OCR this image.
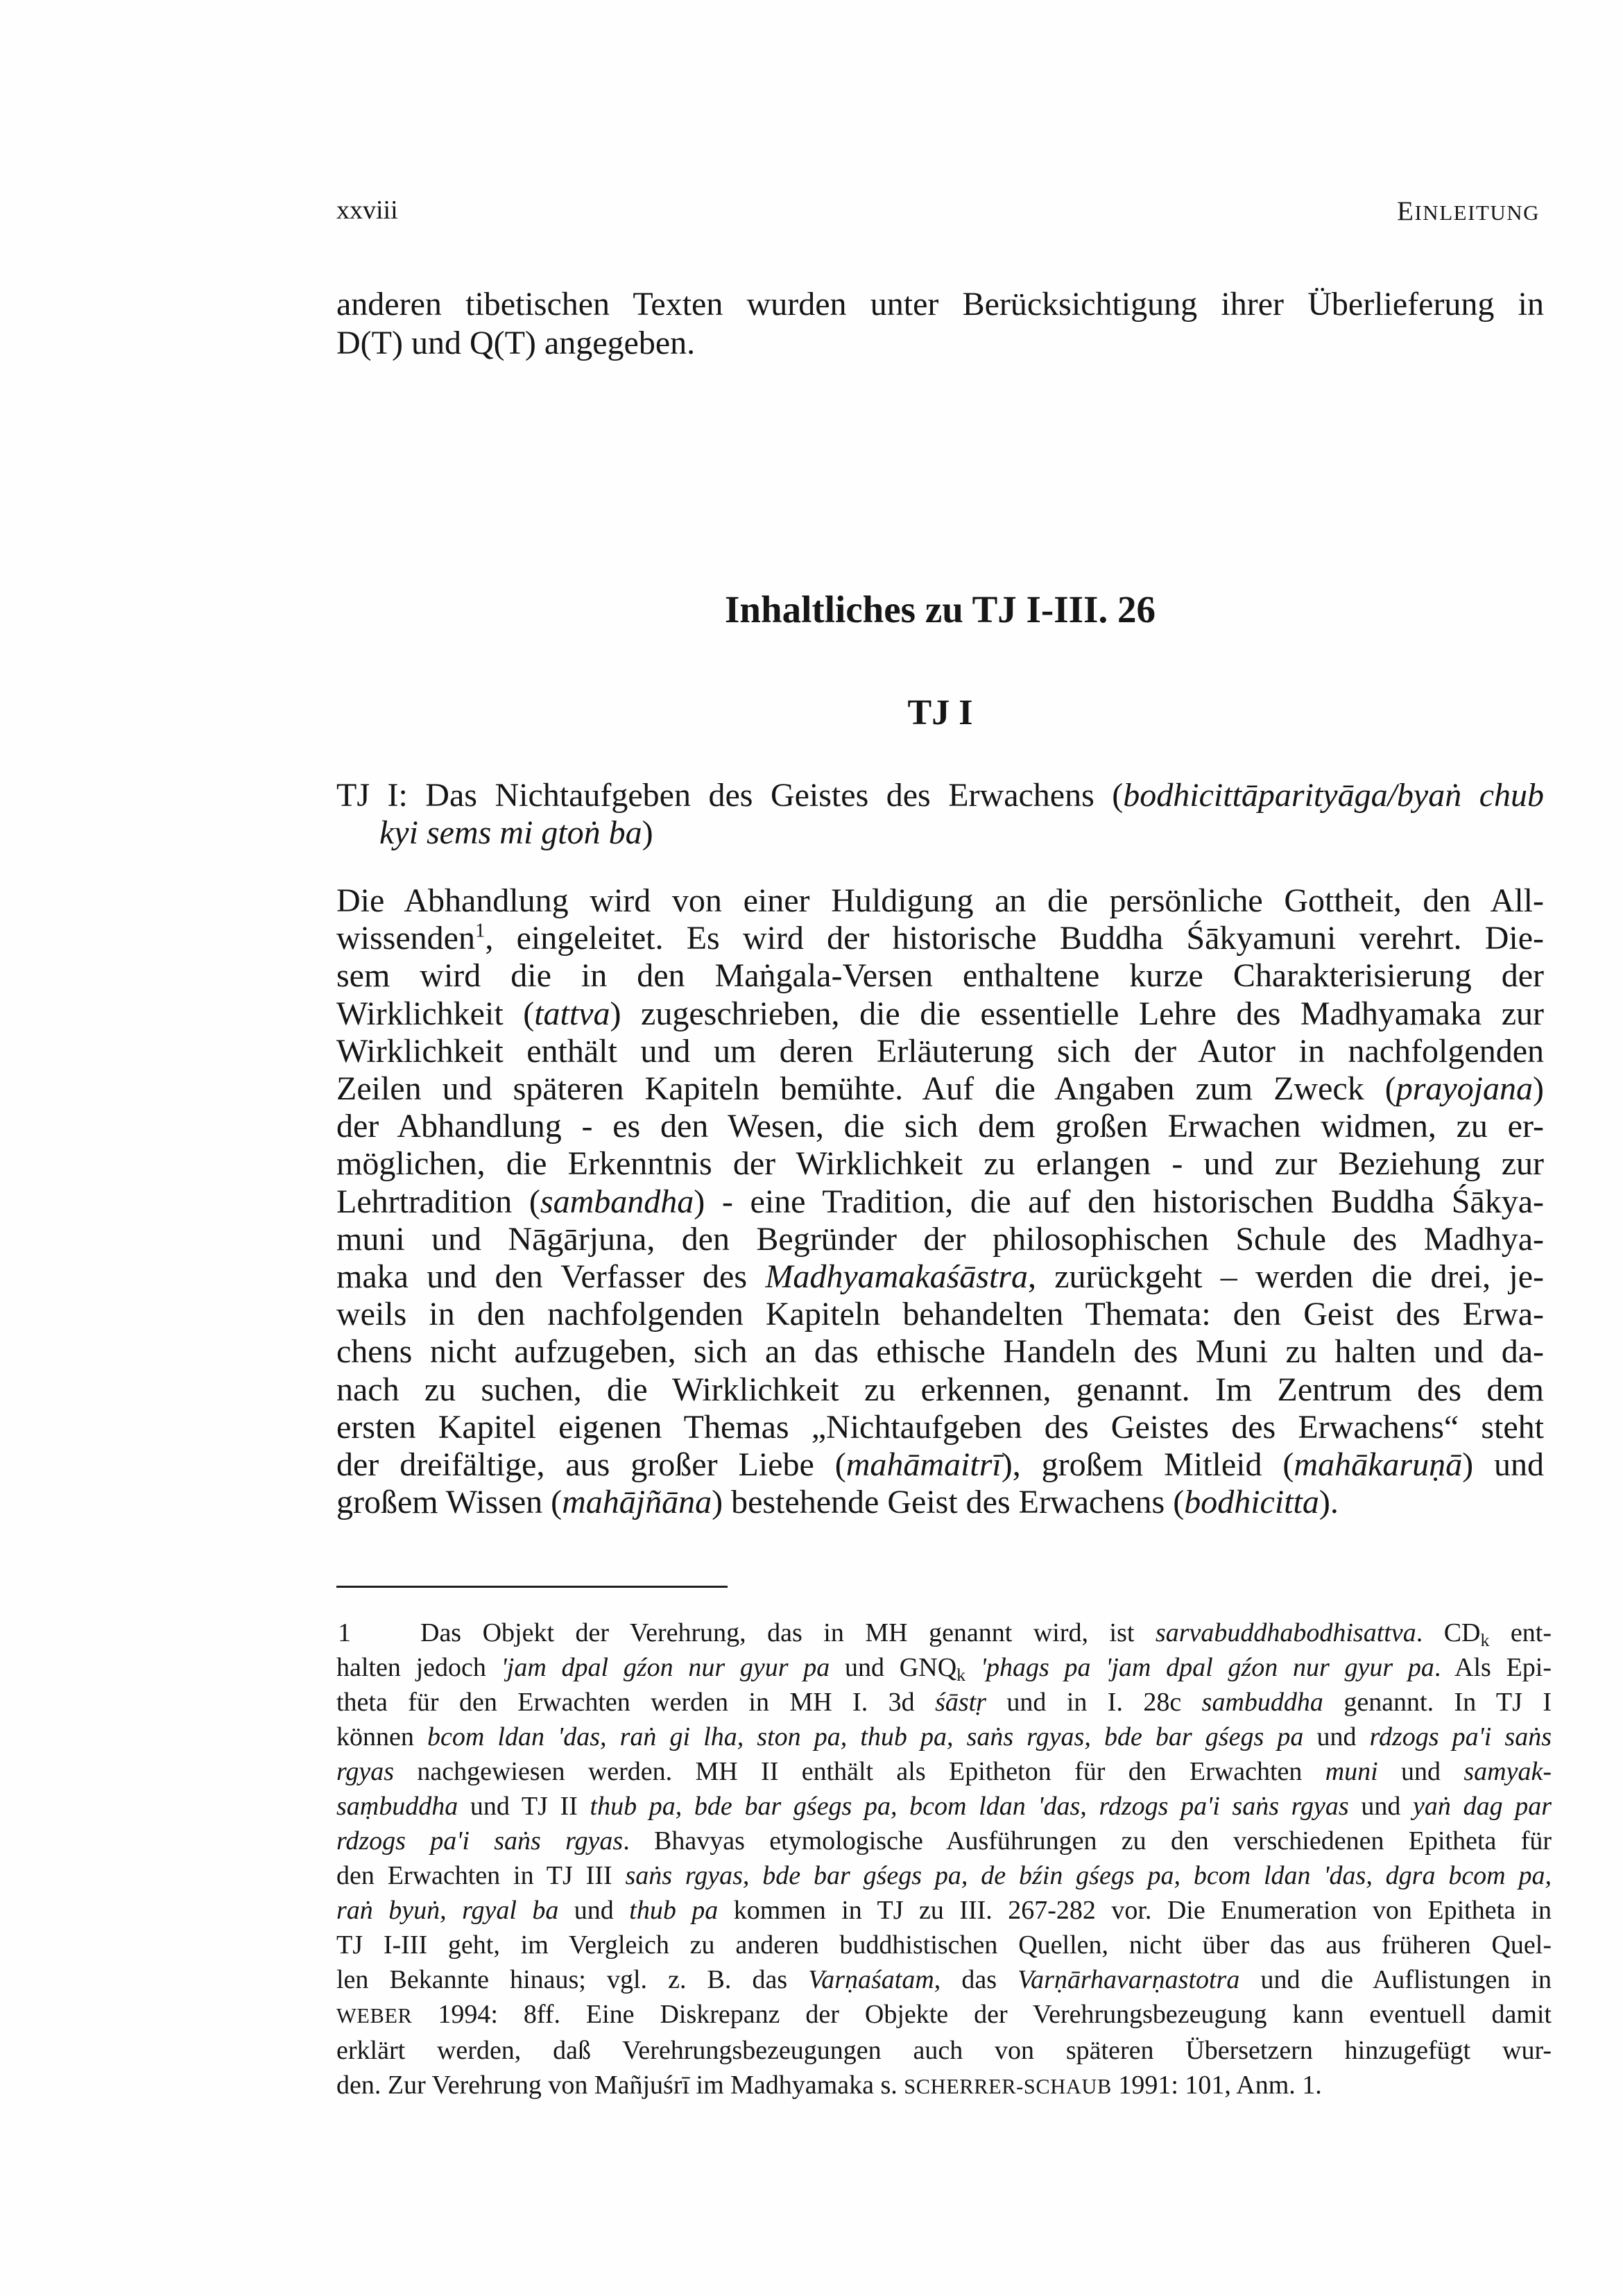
xxviii	EINLEITUNG
anderen tibetischen Texten wurden unter Berücksichtigung ihrer Überlieferung in
D(T) und Q(T) angegeben.
Inhaltliches zu TJ I-III. 26
TJ I
TJ I: Das Nichtaufgeben des Geistes des Erwachens (bodhicittāparityāga/byaṅ chub
kyi sems mi gtoṅ ba)
Die Abhandlung wird von einer Huldigung an die persönliche Gottheit, den All-
wissenden$^1$, eingeleitet. Es wird der historische Buddha Śākyamuni verehrt. Die-
sem wird die in den Maṅgala-Versen enthaltene kurze Charakterisierung der
Wirklichkeit (tattva) zugeschrieben, die die essentielle Lehre des Madhyamaka zur
Wirklichkeit enthält und um deren Erläuterung sich der Autor in nachfolgenden
Zeilen und späteren Kapiteln bemühte. Auf die Angaben zum Zweck (prayojana)
der Abhandlung - es den Wesen, die sich dem großen Erwachen widmen, zu er-
möglichen, die Erkenntnis der Wirklichkeit zu erlangen - und zur Beziehung zur
Lehrtradition (sambandha) - eine Tradition, die auf den historischen Buddha Śākya-
muni und Nāgārjuna, den Begründer der philosophischen Schule des Madhya-
maka und den Verfasser des Madhyamakaśāstra, zurückgeht – werden die drei, je-
weils in den nachfolgenden Kapiteln behandelten Themata: den Geist des Erwa-
chens nicht aufzugeben, sich an das ethische Handeln des Muni zu halten und da-
nach zu suchen, die Wirklichkeit zu erkennen, genannt. Im Zentrum des dem
ersten Kapitel eigenen Themas „Nichtaufgeben des Geistes des Erwachens“ steht
der dreifältige, aus großer Liebe (mahāmaitrī), großem Mitleid (mahākaruṇā) und
großem Wissen (mahājñāna) bestehende Geist des Erwachens (bodhicitta).
1	Das Objekt der Verehrung, das in MH genannt wird, ist sarvabuddhabodhisattva. $CD_k$ ent-
halten jedoch 'jam dpal gźon nur gyur pa und $GNQ_k$ 'phags pa 'jam dpal gźon nur gyur pa. Als Epi-
theta für den Erwachten werden in MH I. 3d śāstṛ und in I. 28c sambuddha genannt. In TJ I
können bcom ldan 'das, raṅ gi lha, ston pa, thub pa, saṅs rgyas, bde bar gśegs pa und rdzogs pa'i saṅs
rgyas nachgewiesen werden. MH II enthält als Epitheton für den Erwachten muni und samyak-
saṃbuddha und TJ II thub pa, bde bar gśegs pa, bcom ldan 'das, rdzogs pa'i saṅs rgyas und yaṅ dag par
rdzogs pa'i saṅs rgyas. Bhavyas etymologische Ausführungen zu den verschiedenen Epitheta für
den Erwachten in TJ III saṅs rgyas, bde bar gśegs pa, de bźin gśegs pa, bcom ldan 'das, dgra bcom pa,
raṅ byuṅ, rgyal ba und thub pa kommen in TJ zu III. 267-282 vor. Die Enumeration von Epitheta in
TJ I-III geht, im Vergleich zu anderen buddhistischen Quellen, nicht über das aus früheren Quel-
len Bekannte hinaus; vgl. z. B. das Varṇaśatam, das Varṇārhavarṇastotra und die Auflistungen in
WEBER 1994: 8ff. Eine Diskrepanz der Objekte der Verehrungsbezeugung kann eventuell damit
erklärt werden, daß Verehrungsbezeugungen auch von späteren Übersetzern hinzugefügt wur-
den. Zur Verehrung von Mañjuśrī im Madhyamaka s. SCHERRER-SCHAUB 1991: 101, Anm. 1.
